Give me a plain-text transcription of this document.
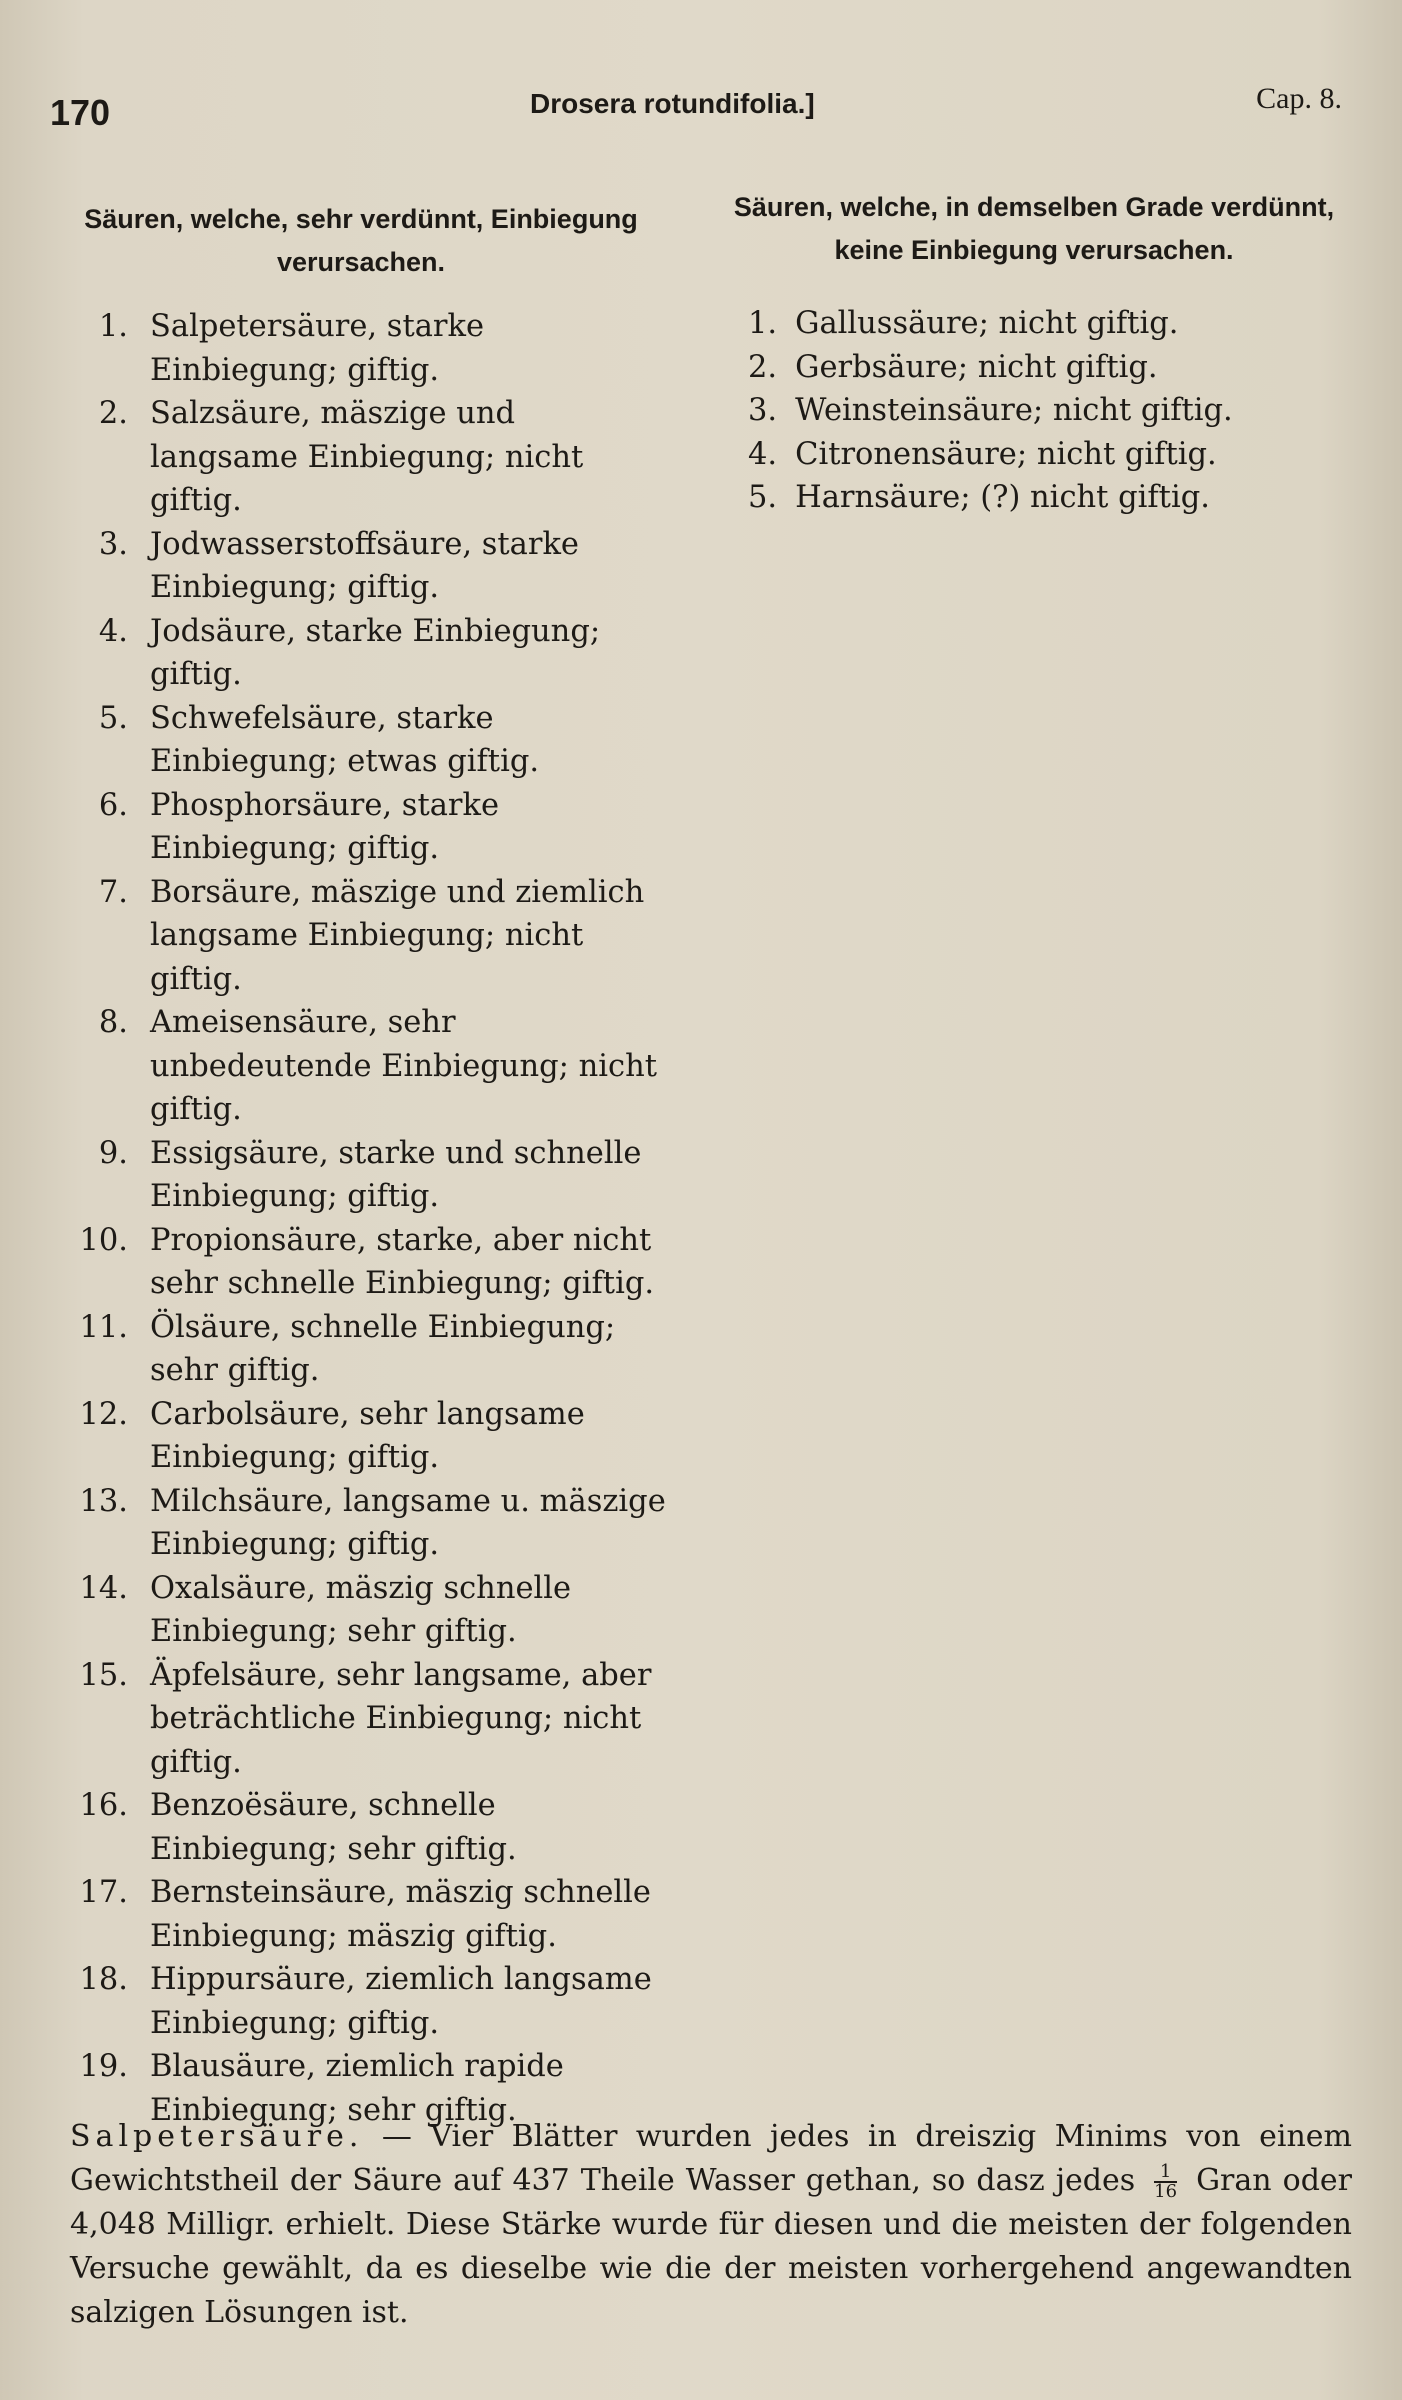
170	Drosera rotundifolia.]	Cap. 8.
Säuren, welche, sehr verdünnt, Einbiegung verursachen.
Säuren, welche, in demselben Grade verdünnt, keine Einbiegung verursachen.
1. Salpetersäure, starke Einbiegung; giftig.
2. Salzsäure, mäszige und langsame Einbiegung; nicht giftig.
3. Jodwasserstoffsäure, starke Einbiegung; giftig.
4. Jodsäure, starke Einbiegung; giftig.
5. Schwefelsäure, starke Einbiegung; etwas giftig.
6. Phosphorsäure, starke Einbiegung; giftig.
7. Borsäure, mäszige und ziemlich langsame Einbiegung; nicht giftig.
8. Ameisensäure, sehr unbedeutende Einbiegung; nicht giftig.
9. Essigsäure, starke und schnelle Einbiegung; giftig.
10. Propionsäure, starke, aber nicht sehr schnelle Einbiegung; giftig.
11. Ölsäure, schnelle Einbiegung; sehr giftig.
12. Carbolsäure, sehr langsame Einbiegung; giftig.
13. Milchsäure, langsame u. mäszige Einbiegung; giftig.
14. Oxalsäure, mäszig schnelle Einbiegung; sehr giftig.
15. Äpfelsäure, sehr langsame, aber beträchtliche Einbiegung; nicht giftig.
16. Benzoësäure, schnelle Einbiegung; sehr giftig.
17. Bernsteinsäure, mäszig schnelle Einbiegung; mäszig giftig.
18. Hippursäure, ziemlich langsame Einbiegung; giftig.
19. Blausäure, ziemlich rapide Einbiegung; sehr giftig.
1. Gallussäure; nicht giftig.
2. Gerbsäure; nicht giftig.
3. Weinsteinsäure; nicht giftig.
4. Citronensäure; nicht giftig.
5. Harnsäure; (?) nicht giftig.
Salpetersäure. — Vier Blätter wurden jedes in dreiszig Minims von einem Gewichtstheil der Säure auf 437 Theile Wasser gethan, so dasz jedes $\frac{1}{16}$ Gran oder 4,048 Milligr. erhielt. Diese Stärke wurde für diesen und die meisten der folgenden Versuche gewählt, da es dieselbe wie die der meisten vorhergehend angewandten salzigen Lösungen ist.
